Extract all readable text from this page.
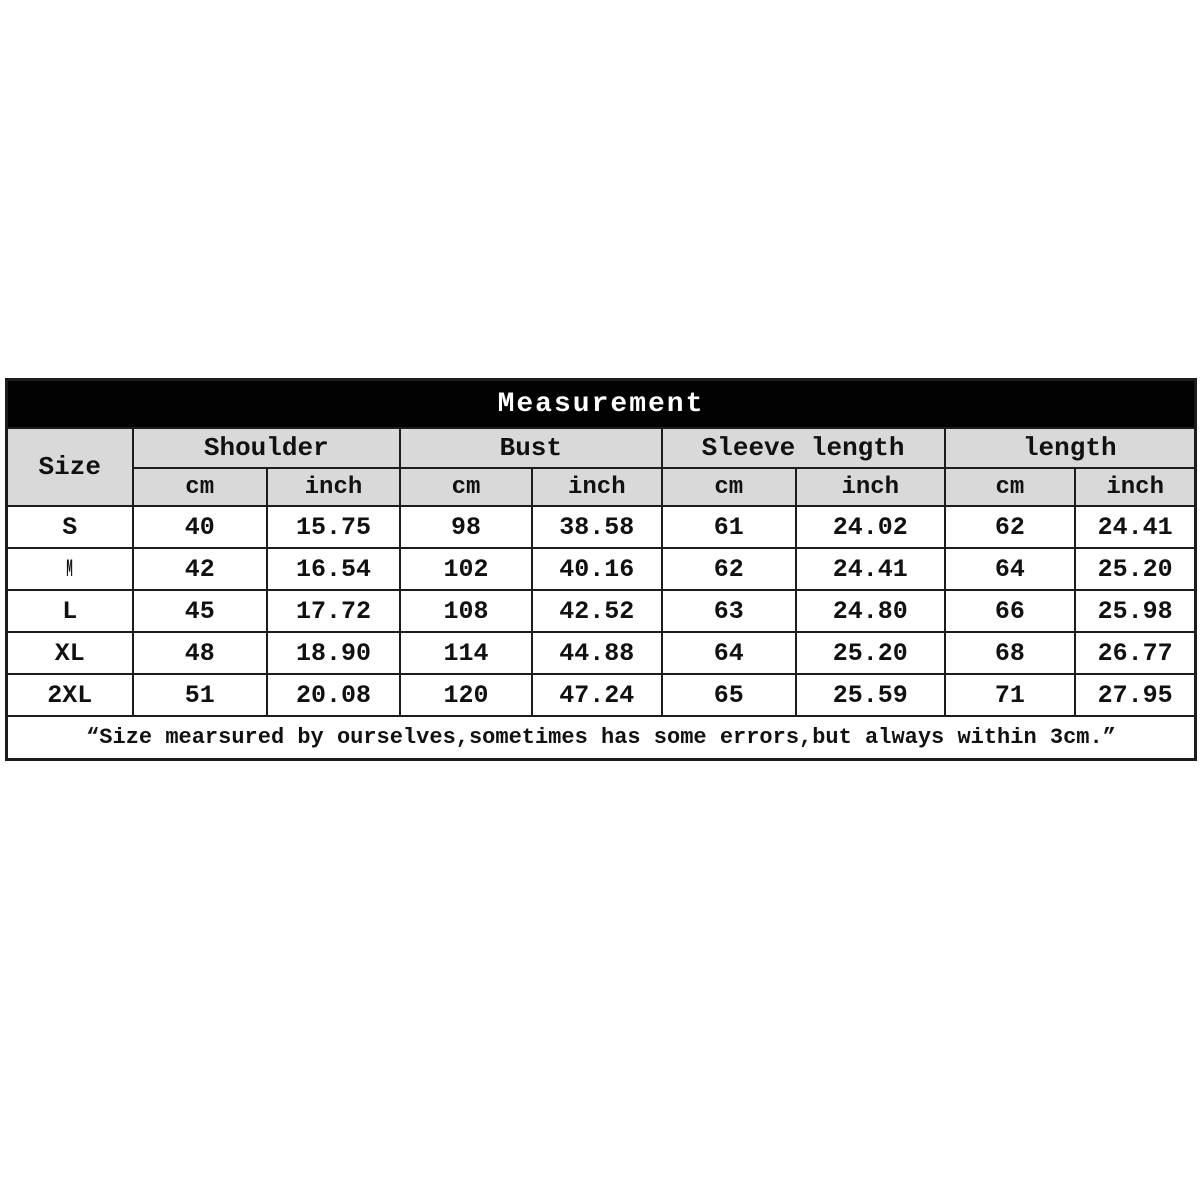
Measurement								
Size	Shoulder		Bust		Sleeve length		length	
	cm	inch	cm	inch	cm	inch	cm	inch
S	40	15.75	98	38.58	61	24.02	62	24.41
M	42	16.54	102	40.16	62	24.41	64	25.20
L	45	17.72	108	42.52	63	24.80	66	25.98
XL	48	18.90	114	44.88	64	25.20	68	26.77
2XL	51	20.08	120	47.24	65	25.59	71	27.95
“Size mearsured by ourselves,sometimes has some errors,but always within 3cm.”								
